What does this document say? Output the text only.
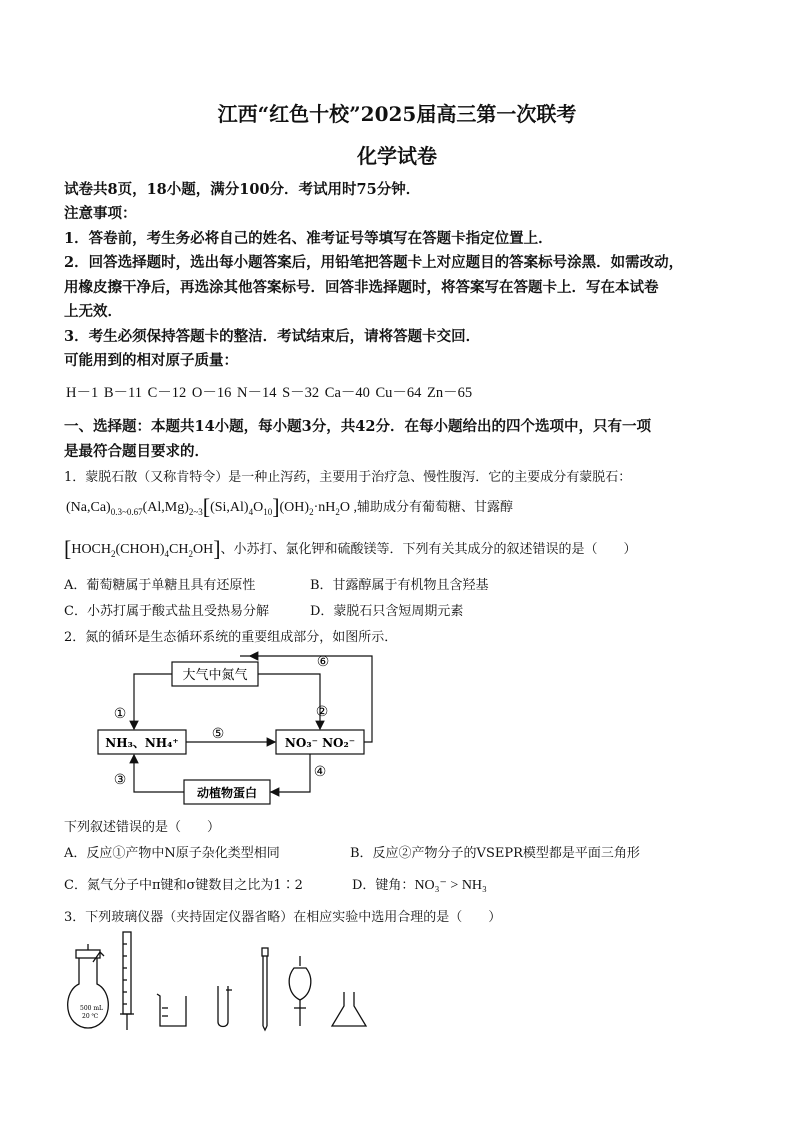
江西“红色十校”2025届高三第一次联考
化学试卷
试卷共8页，18小题，满分100分．考试用时75分钟．
注意事项：
1．答卷前，考生务必将自己的姓名、准考证号等填写在答题卡指定位置上．
2．回答选择题时，选出每小题答案后，用铅笔把答题卡上对应题目的答案标号涂黑．如需改动，
用橡皮擦干净后，再选涂其他答案标号．回答非选择题时，将答案写在答题卡上．写在本试卷
上无效．
3．考生必须保持答题卡的整洁．考试结束后，请将答题卡交回．
可能用到的相对原子质量：
H－1 B－11 C－12 O－16 N－14 S－32 Ca－40 Cu－64 Zn－65
一、选择题：本题共14小题，每小题3分，共42分．在每小题给出的四个选项中，只有一项
是最符合题目要求的．
1．蒙脱石散（又称肯特令）是一种止泻药，主要用于治疗急、慢性腹泻．它的主要成分有蒙脱石：
$(Na,Ca)_{0.3\sim 0.67}(Al,Mg)_{2\sim 3}[(Si,Al)_4O_{10}](OH)_2\cdot nH_2O$ ,辅助成分有葡萄糖、甘露醇
$[HOCH_2(CHOH)_4CH_2OH]$、小苏打、氯化钾和硫酸镁等．下列有关其成分的叙述错误的是（　　）
A．葡萄糖属于单糖且具有还原性	B．甘露醇属于有机物且含羟基
C．小苏打属于酸式盐且受热易分解	D．蒙脱石只含短周期元素
2．氮的循环是生态循环系统的重要组成部分，如图所示．
大气中氮气
NH₃、NH₄⁺	NO₃⁻ NO₂⁻
动植物蛋白
①	②
⑥
⑤
④
③
下列叙述错误的是（　　）
A．反应①产物中N原子杂化类型相同	B．反应②产物分子的VSEPR模型都是平面三角形
C．氮气分子中π键和σ键数目之比为1∶2	D．键角：NO₃⁻ > NH₃
3．下列玻璃仪器（夹持固定仪器省略）在相应实验中选用合理的是（　　）
500 mL
20 ℃
